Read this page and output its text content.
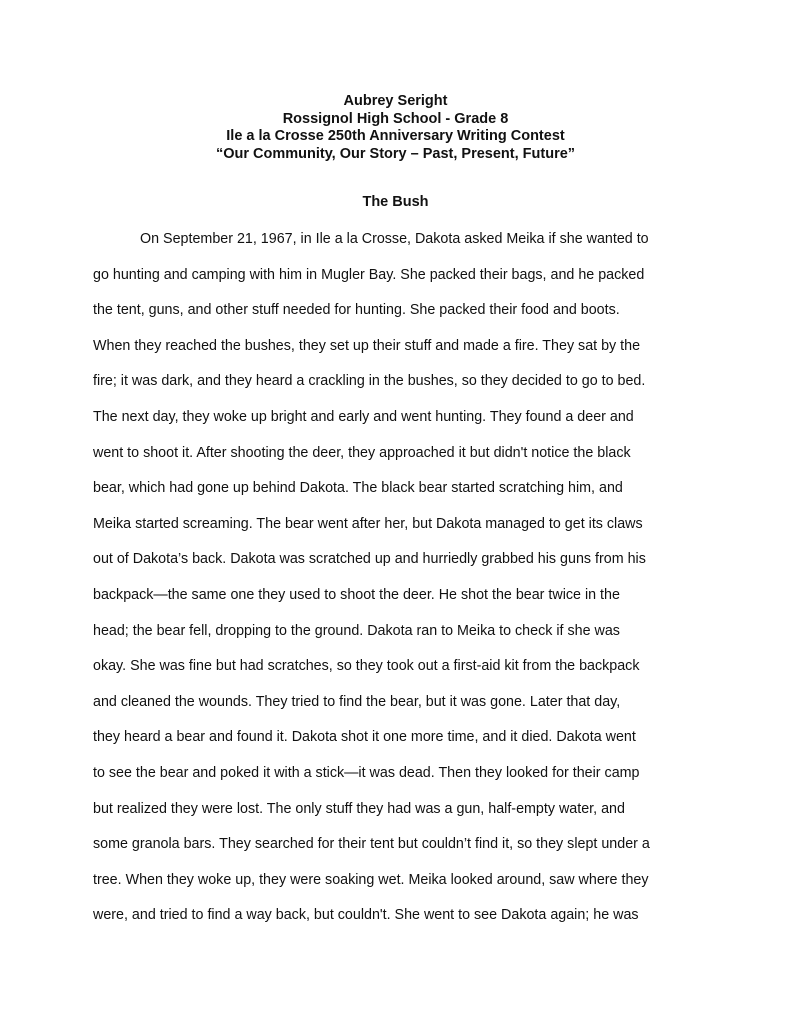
Aubrey Seright
Rossignol High School - Grade 8
Ile a la Crosse 250th Anniversary Writing Contest
“Our Community, Our Story – Past, Present, Future”
The Bush
On September 21, 1967, in Ile a la Crosse, Dakota asked Meika if she wanted to
go hunting and camping with him in Mugler Bay. She packed their bags, and he packed
the tent, guns, and other stuff needed for hunting. She packed their food and boots.
When they reached the bushes, they set up their stuff and made a fire. They sat by the
fire; it was dark, and they heard a crackling in the bushes, so they decided to go to bed.
The next day, they woke up bright and early and went hunting. They found a deer and
went to shoot it. After shooting the deer, they approached it but didn't notice the black
bear, which had gone up behind Dakota. The black bear started scratching him, and
Meika started screaming. The bear went after her, but Dakota managed to get its claws
out of Dakota’s back. Dakota was scratched up and hurriedly grabbed his guns from his
backpack—the same one they used to shoot the deer. He shot the bear twice in the
head; the bear fell, dropping to the ground. Dakota ran to Meika to check if she was
okay. She was fine but had scratches, so they took out a first-aid kit from the backpack
and cleaned the wounds. They tried to find the bear, but it was gone. Later that day,
they heard a bear and found it. Dakota shot it one more time, and it died. Dakota went
to see the bear and poked it with a stick—it was dead. Then they looked for their camp
but realized they were lost. The only stuff they had was a gun, half-empty water, and
some granola bars. They searched for their tent but couldn’t find it, so they slept under a
tree. When they woke up, they were soaking wet. Meika looked around, saw where they
were, and tried to find a way back, but couldn't. She went to see Dakota again; he was
